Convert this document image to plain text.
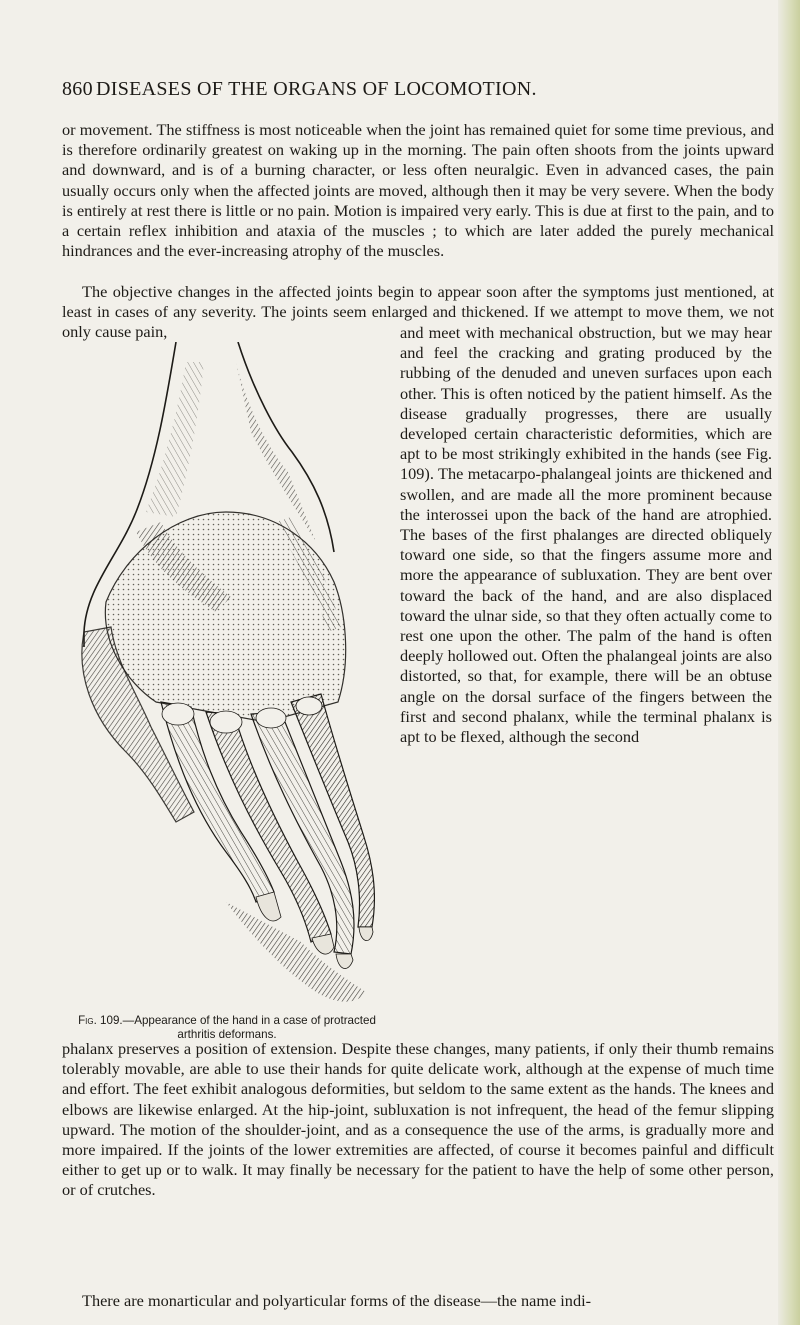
860 DISEASES OF THE ORGANS OF LOCOMOTION.

or movement. The stiffness is most noticeable when the joint has remained quiet for some time previous, and is therefore ordinarily greatest on waking up in the morning. The pain often shoots from the joints upward and downward, and is of a burning character, or less often neuralgic. Even in advanced cases, the pain usually occurs only when the affected joints are moved, although then it may be very severe. When the body is entirely at rest there is little or no pain. Motion is impaired very early. This is due at first to the pain, and to a certain reflex inhibition and ataxia of the muscles ; to which are later added the purely mechanical hindrances and the ever-increasing atrophy of the muscles.

The objective changes in the affected joints begin to appear soon after the symptoms just mentioned, at least in cases of any severity. The joints seem enlarged and thickened. If we attempt to move them, we not only cause pain,

Fig. 109.—Appearance of the hand in a case of protracted arthritis deformans.

and meet with mechanical obstruction, but we may hear and feel the cracking and grating produced by the rubbing of the denuded and uneven surfaces upon each other. This is often noticed by the patient himself. As the disease gradually progresses, there are usually developed certain characteristic deformities, which are apt to be most strikingly exhibited in the hands (see Fig. 109). The metacarpo-phalangeal joints are thickened and swollen, and are made all the more prominent because the interossei upon the back of the hand are atrophied. The bases of the first phalanges are directed obliquely toward one side, so that the fingers assume more and more the appearance of subluxation. They are bent over toward the back of the hand, and are also displaced toward the ulnar side, so that they often actually come to rest one upon the other. The palm of the hand is often deeply hollowed out. Often the phalangeal joints are also distorted, so that, for example, there will be an obtuse angle on the dorsal surface of the fingers between the first and second phalanx, while the terminal phalanx is apt to be flexed, although the second

phalanx preserves a position of extension. Despite these changes, many patients, if only their thumb remains tolerably movable, are able to use their hands for quite delicate work, although at the expense of much time and effort. The feet exhibit analogous deformities, but seldom to the same extent as the hands. The knees and elbows are likewise enlarged. At the hip-joint, subluxation is not infrequent, the head of the femur slipping upward. The motion of the shoulder-joint, and as a consequence the use of the arms, is gradually more and more impaired. If the joints of the lower extremities are affected, of course it becomes painful and difficult either to get up or to walk. It may finally be necessary for the patient to have the help of some other person, or of crutches.

There are monarticular and polyarticular forms of the disease—the name indi-
